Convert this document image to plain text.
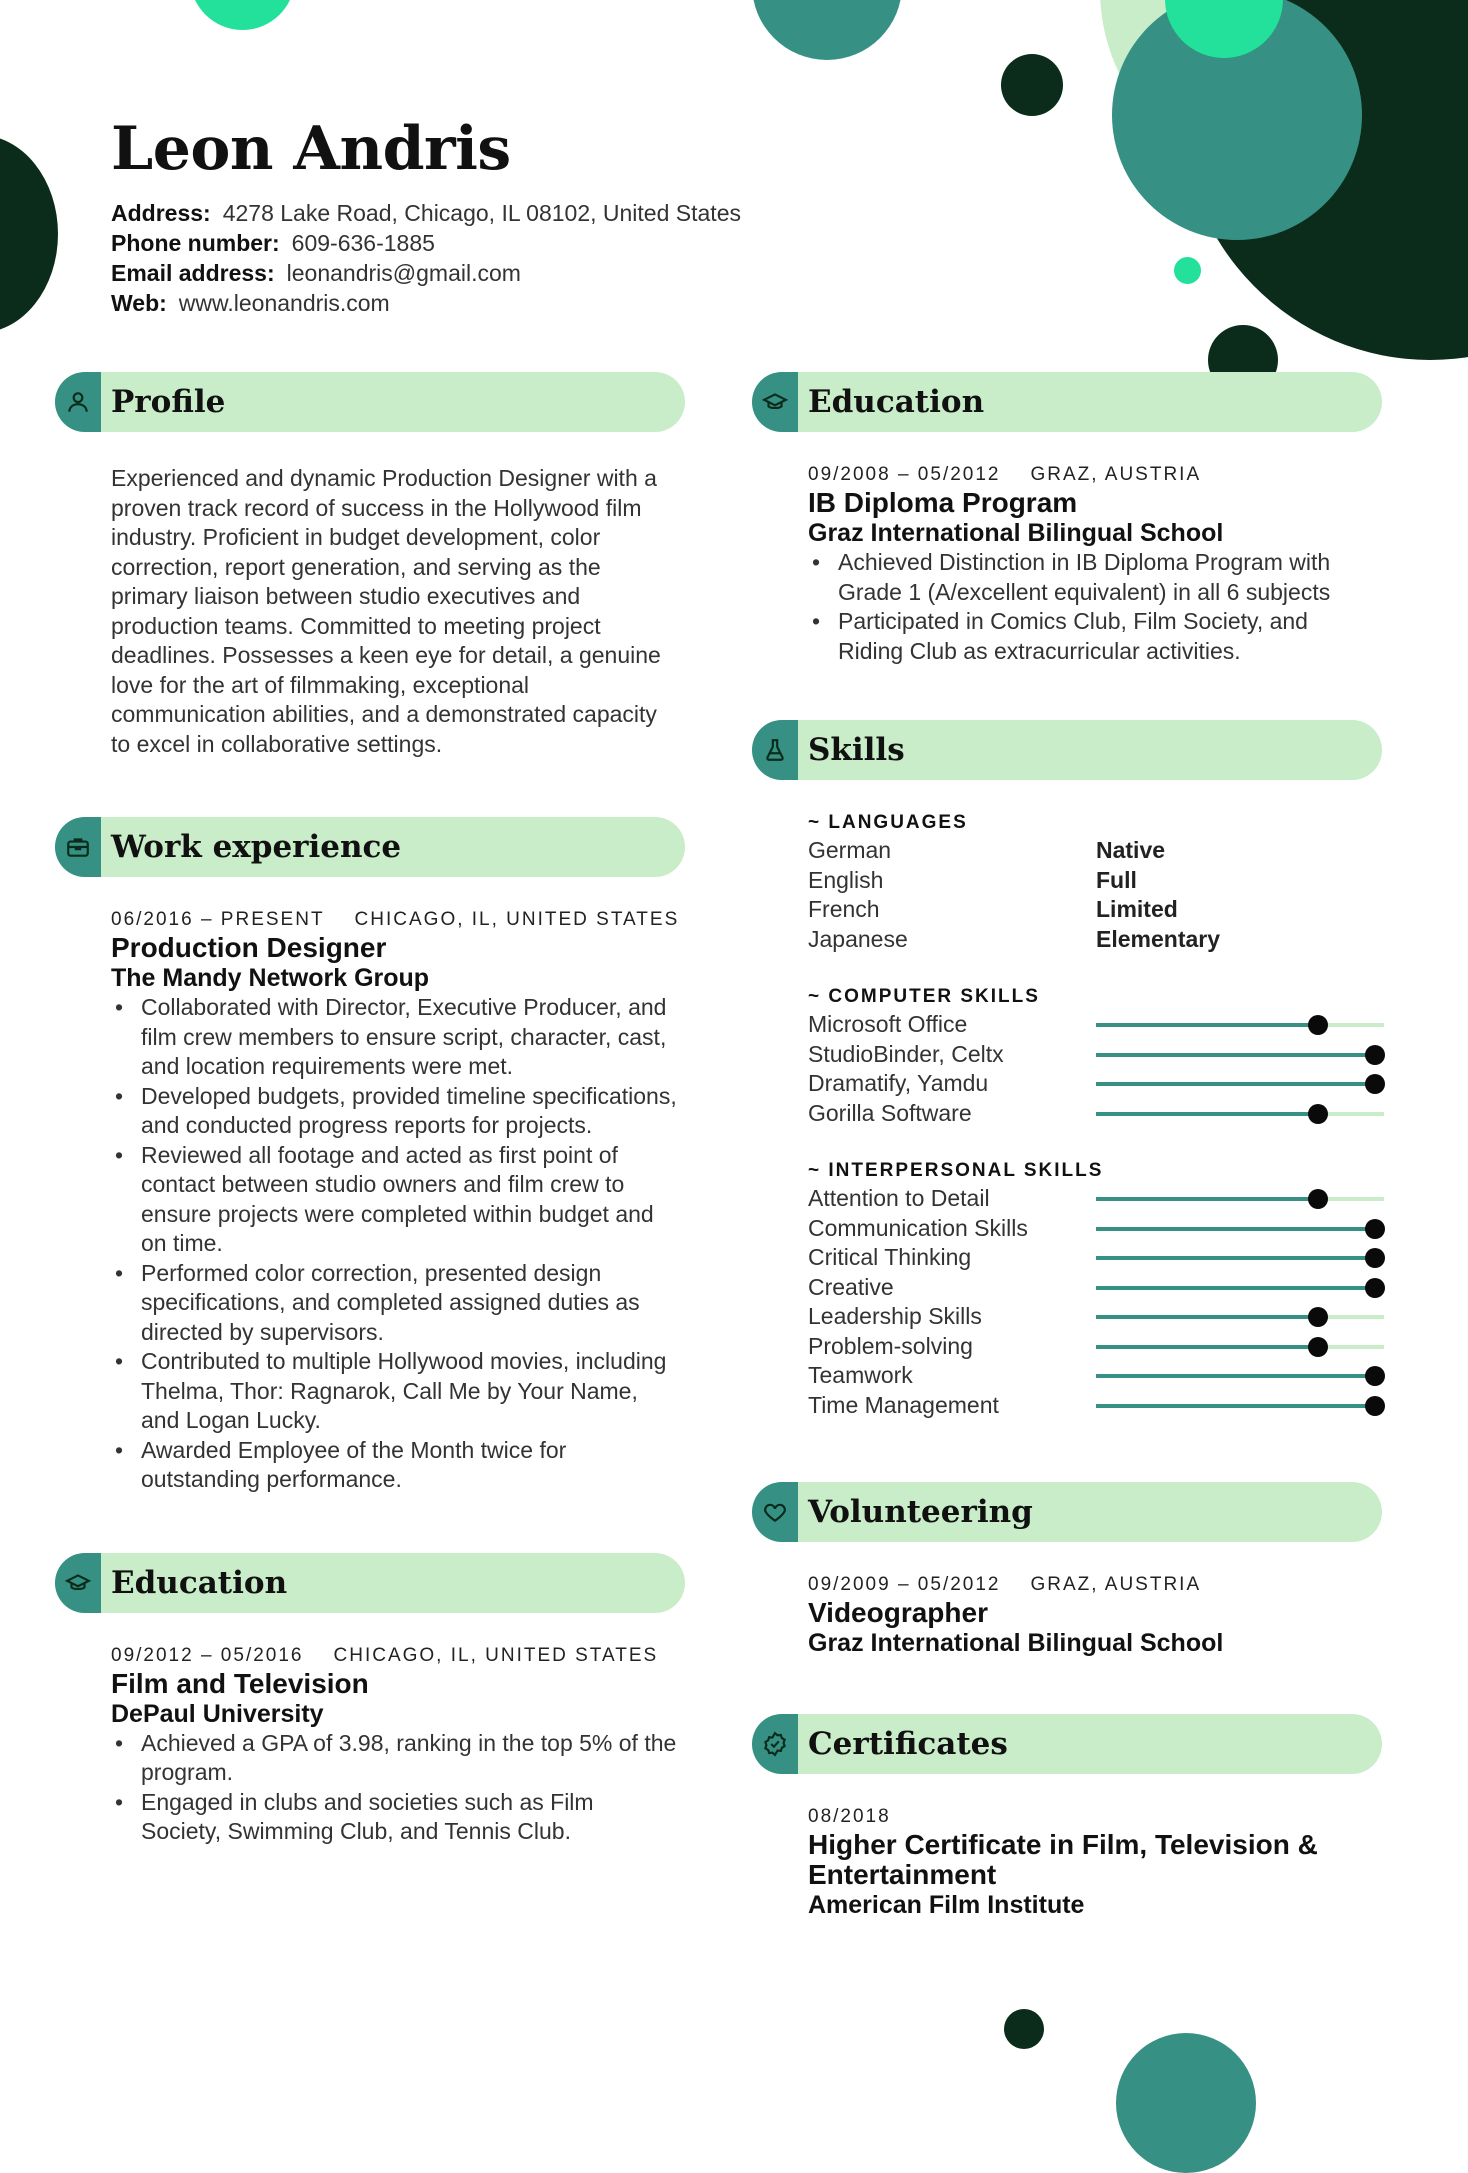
Leon Andris
Address: 4278 Lake Road, Chicago, IL 08102, United States
Phone number: 609-636-1885
Email address: leonandris@gmail.com
Web: www.leonandris.com
Profile

Experienced and dynamic Production Designer with a proven track record of success in the Hollywood film industry. Proficient in budget development, color correction, report generation, and serving as the primary liaison between studio executives and production teams. Committed to meeting project deadlines. Possesses a keen eye for detail, a genuine love for the art of filmmaking, exceptional communication abilities, and a demonstrated capacity to excel in collaborative settings.

Work experience

06/2016 – PRESENT CHICAGO, IL, UNITED STATES

Production Designer

The Mandy Network Group

• Collaborated with Director, Executive Producer, and film crew members to ensure script, character, cast, and location requirements were met.
• Developed budgets, provided timeline specifications, and conducted progress reports for projects.
• Reviewed all footage and acted as first point of contact between studio owners and film crew to ensure projects were completed within budget and on time.
• Performed color correction, presented design specifications, and completed assigned duties as directed by supervisors.
• Contributed to multiple Hollywood movies, including Thelma, Thor: Ragnarok, Call Me by Your Name, and Logan Lucky.
• Awarded Employee of the Month twice for outstanding performance.
Education

09/2012 – 05/2016 CHICAGO, IL, UNITED STATES

Film and Television

DePaul University

• Achieved a GPA of 3.98, ranking in the top 5% of the program.
• Engaged in clubs and societies such as Film Society, Swimming Club, and Tennis Club.
Education

09/2008 – 05/2012 GRAZ, AUSTRIA

IB Diploma Program

Graz International Bilingual School

• Achieved Distinction in IB Diploma Program with Grade 1 (A/excellent equivalent) in all 6 subjects
• Participated in Comics Club, Film Society, and Riding Club as extracurricular activities.
Skills

~ LANGUAGES

German	Native
English	Full
French	Limited
Japanese	Elementary

~ COMPUTER SKILLS

Microsoft Office
StudioBinder, Celtx
Dramatify, Yamdu
Gorilla Software

~ INTERPERSONAL SKILLS

Attention to Detail
Communication Skills
Critical Thinking
Creative
Leadership Skills
Problem-solving
Teamwork
Time Management
Volunteering

09/2009 – 05/2012 GRAZ, AUSTRIA

Videographer

Graz International Bilingual School

Certificates

08/2018

Higher Certificate in Film, Television & Entertainment

American Film Institute
